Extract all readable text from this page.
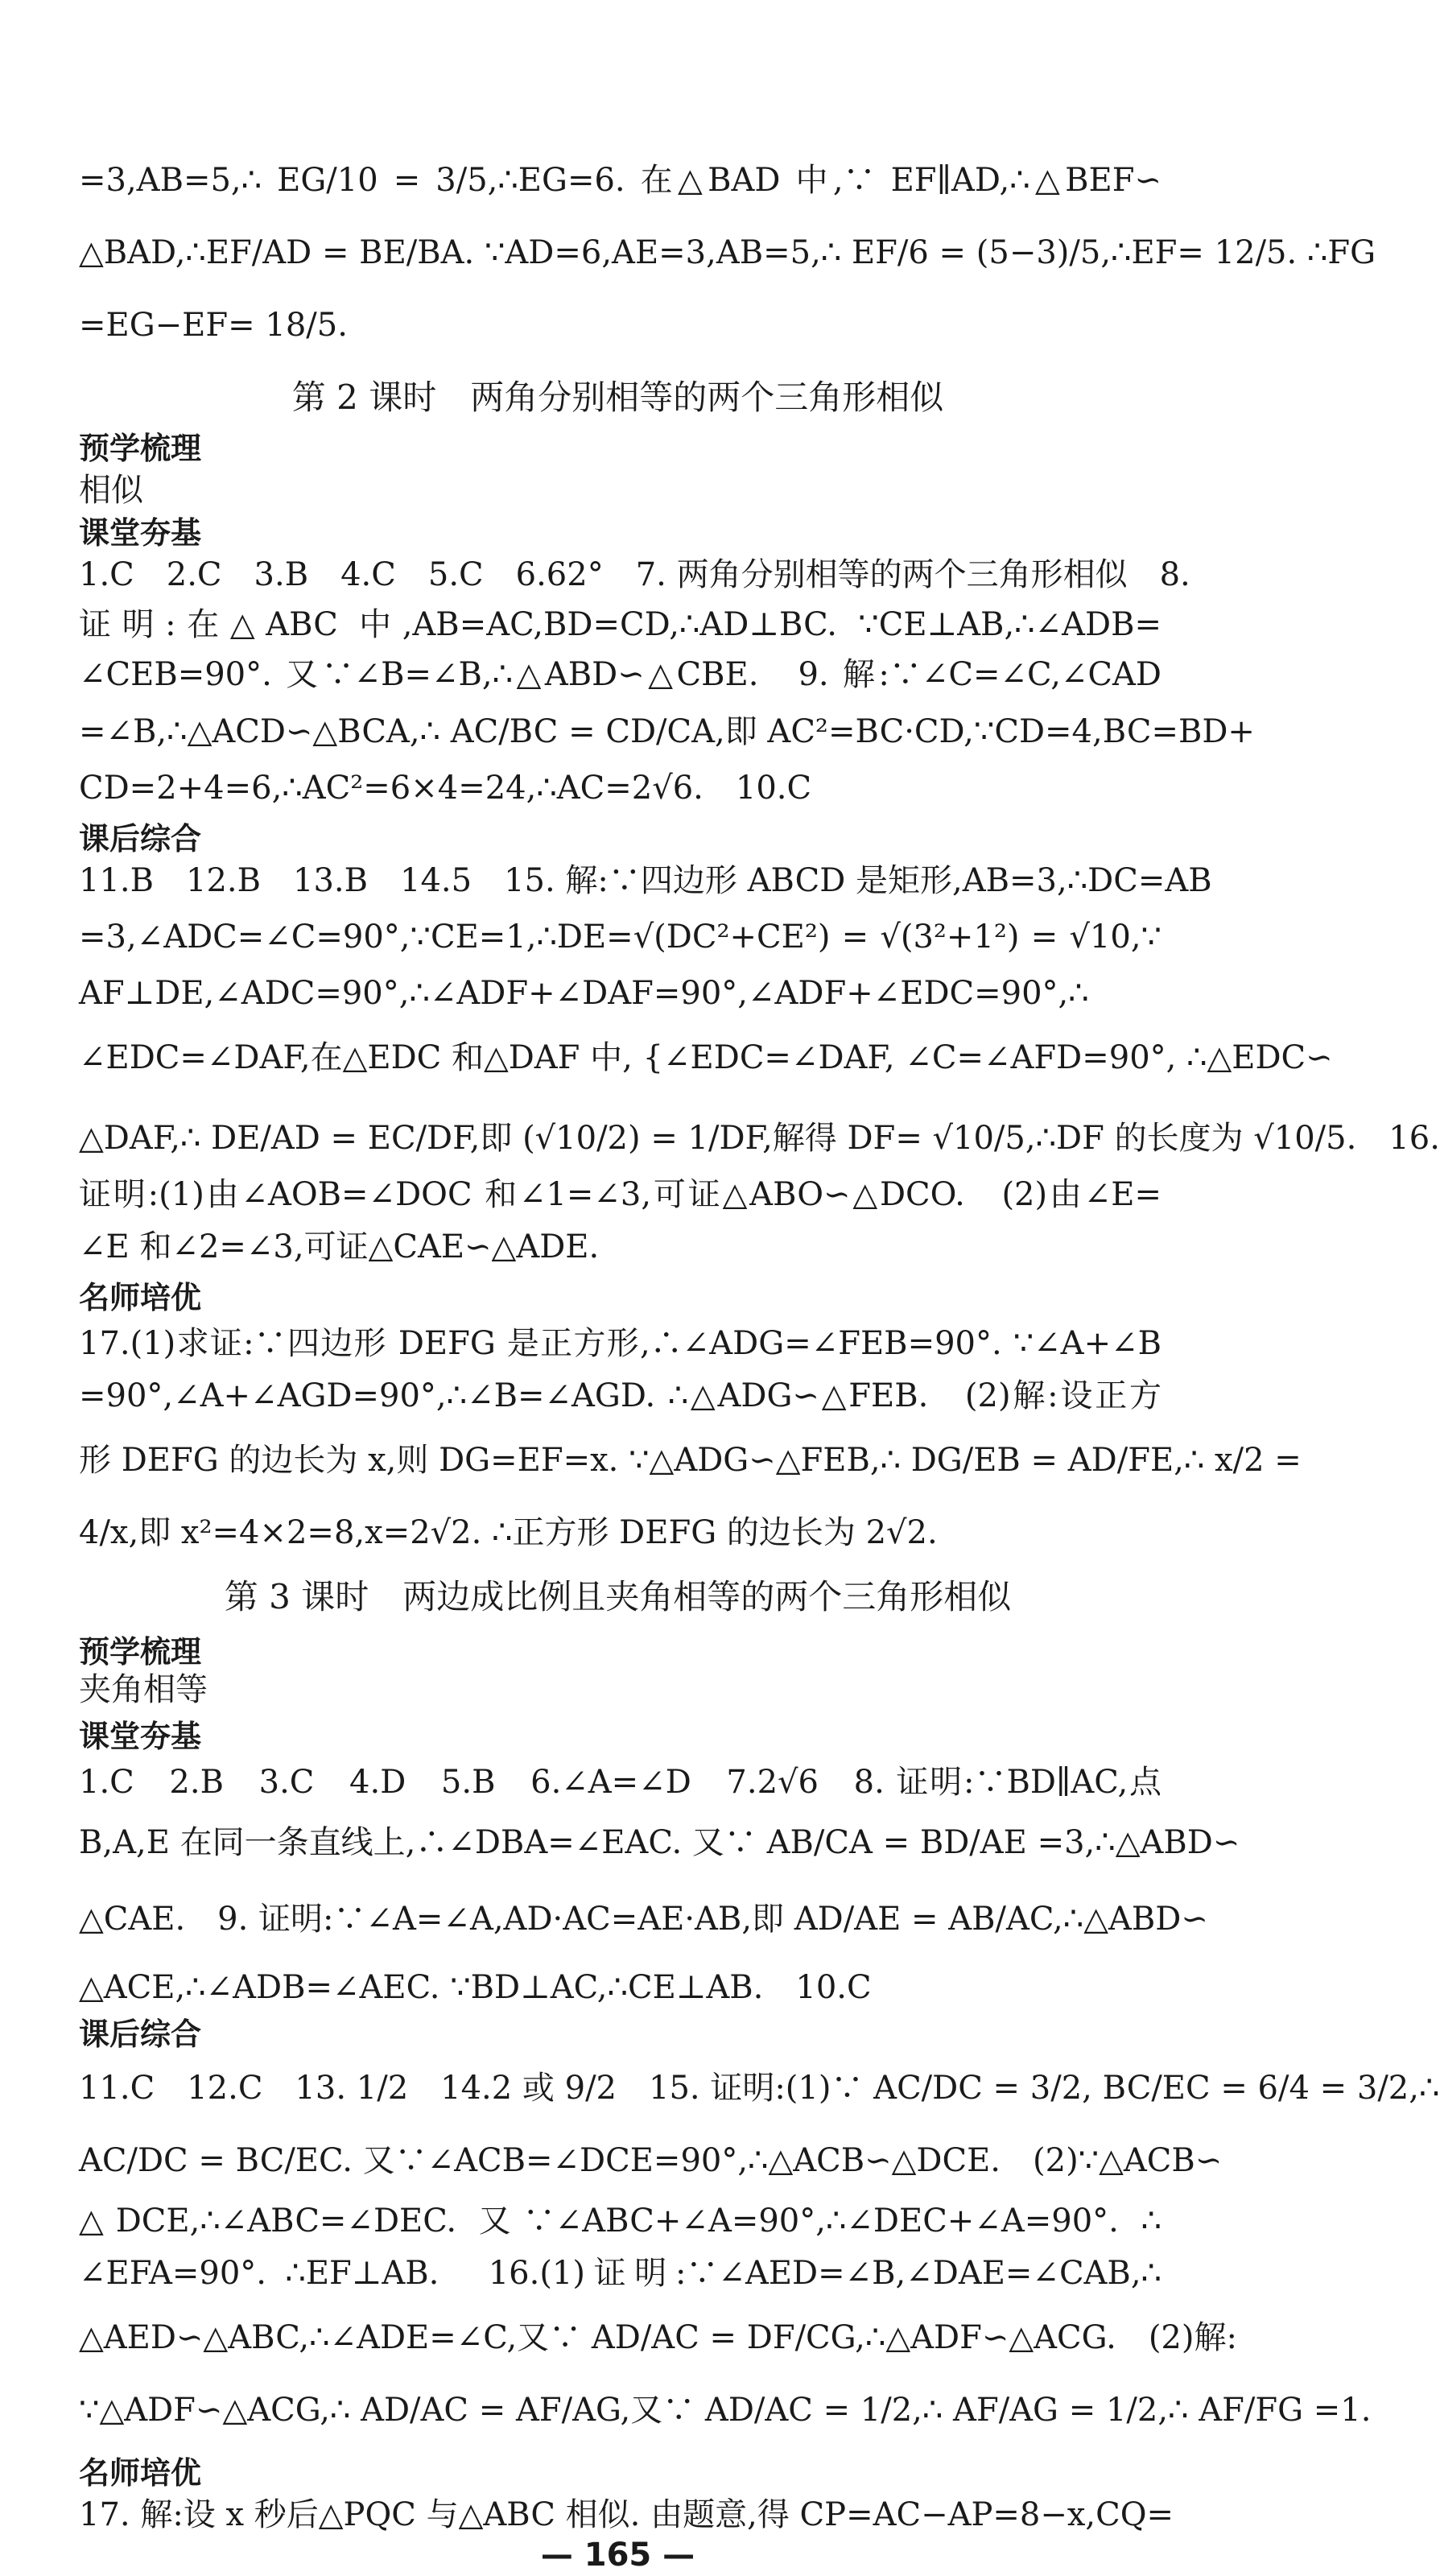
=3,AB=5,∴ EG/10 = 3/5,∴EG=6. 在△BAD 中,∵ EF∥AD,∴△BEF∽
△BAD,∴EF/AD = BE/BA. ∵AD=6,AE=3,AB=5,∴ EF/6 = (5−3)/5,∴EF= 12/5. ∴FG
=EG−EF= 18/5.
第 2 课时　两角分别相等的两个三角形相似
预学梳理
相似
课堂夯基
1.C　2.C　3.B　4.C　5.C　6.62°　7. 两角分别相等的两个三角形相似　8.
证明:在△ABC 中,AB=AC,BD=CD,∴AD⊥BC. ∵CE⊥AB,∴∠ADB=
∠CEB=90°. 又∵∠B=∠B,∴△ABD∽△CBE.　9. 解:∵∠C=∠C,∠CAD
=∠B,∴△ACD∽△BCA,∴ AC/BC = CD/CA,即 AC²=BC·CD,∵CD=4,BC=BD+
CD=2+4=6,∴AC²=6×4=24,∴AC=2√6.　10.C
课后综合
11.B　12.B　13.B　14.5　15. 解:∵四边形 ABCD 是矩形,AB=3,∴DC=AB
=3,∠ADC=∠C=90°,∵CE=1,∴DE=√(DC²+CE²) = √(3²+1²) = √10,∵
AF⊥DE,∠ADC=90°,∴∠ADF+∠DAF=90°,∠ADF+∠EDC=90°,∴
∠EDC=∠DAF,在△EDC 和△DAF 中, {∠EDC=∠DAF, ∠C=∠AFD=90°, ∴△EDC∽
△DAF,∴ DE/AD = EC/DF,即 (√10/2) = 1/DF,解得 DF= √10/5,∴DF 的长度为 √10/5.　16.
证明:(1)由∠AOB=∠DOC 和∠1=∠3,可证△ABO∽△DCO.　(2)由∠E=
∠E 和∠2=∠3,可证△CAE∽△ADE.
名师培优
17.(1)求证:∵四边形 DEFG 是正方形,∴∠ADG=∠FEB=90°. ∵∠A+∠B
=90°,∠A+∠AGD=90°,∴∠B=∠AGD. ∴△ADG∽△FEB.　(2)解:设正方
形 DEFG 的边长为 x,则 DG=EF=x. ∵△ADG∽△FEB,∴ DG/EB = AD/FE,∴ x/2 =
4/x,即 x²=4×2=8,x=2√2. ∴正方形 DEFG 的边长为 2√2.
第 3 课时　两边成比例且夹角相等的两个三角形相似
预学梳理
夹角相等
课堂夯基
1.C　2.B　3.C　4.D　5.B　6.∠A=∠D　7.2√6　8. 证明:∵BD∥AC,点
B,A,E 在同一条直线上,∴∠DBA=∠EAC. 又∵ AB/CA = BD/AE =3,∴△ABD∽
△CAE.　9. 证明:∵∠A=∠A,AD·AC=AE·AB,即 AD/AE = AB/AC,∴△ABD∽
△ACE,∴∠ADB=∠AEC. ∵BD⊥AC,∴CE⊥AB.　10.C
课后综合
11.C　12.C　13. 1/2　14.2 或 9/2　15. 证明:(1)∵ AC/DC = 3/2, BC/EC = 6/4 = 3/2,∴
AC/DC = BC/EC. 又∵∠ACB=∠DCE=90°,∴△ACB∽△DCE.　(2)∵△ACB∽
△DCE,∴∠ABC=∠DEC. 又∵∠ABC+∠A=90°,∴∠DEC+∠A=90°. ∴
∠EFA=90°. ∴EF⊥AB.　16.(1)证明:∵∠AED=∠B,∠DAE=∠CAB,∴
△AED∽△ABC,∴∠ADE=∠C,又∵ AD/AC = DF/CG,∴△ADF∽△ACG.　(2)解:
∵△ADF∽△ACG,∴ AD/AC = AF/AG,又∵ AD/AC = 1/2,∴ AF/AG = 1/2,∴ AF/FG =1.
名师培优
17. 解:设 x 秒后△PQC 与△ABC 相似. 由题意,得 CP=AC−AP=8−x,CQ=
— 165 —
